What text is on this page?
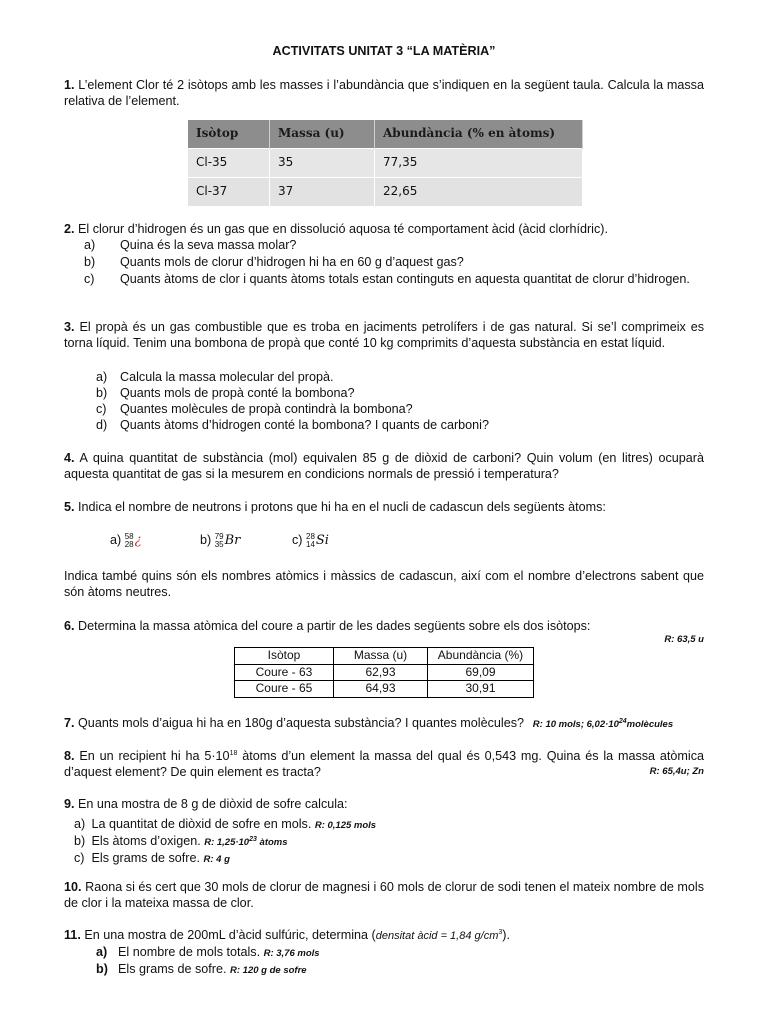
ACTIVITATS UNITAT 3 “LA MATÈRIA”
1. L’element Clor té 2 isòtops amb les masses i l’abundància que s’indiquen en la següent taula. Calcula la massa relativa de l’element.
Isòtop	Massa (u)	Abundància (% en àtoms)
Cl-35	35	77,35
Cl-37	37	22,65
2. El clorur d’hidrogen és un gas que en dissolució aquosa té comportament àcid (àcid clorhídric).
a) Quina és la seva massa molar?
b) Quants mols de clorur d’hidrogen hi ha en 60 g d’aquest gas?
c) Quants àtoms de clor i quants àtoms totals estan continguts en aquesta quantitat de clorur d’hidrogen.
3. El propà és un gas combustible que es troba en jaciments petrolífers i de gas natural. Si se’l comprimeix es torna líquid. Tenim una bombona de propà que conté 10 kg comprimits d’aquesta substància en estat líquid.
a) Calcula la massa molecular del propà.
b) Quants mols de propà conté la bombona?
c) Quantes molècules de propà contindrà la bombona?
d) Quants àtoms d’hidrogen conté la bombona? I quants de carboni?
4. A quina quantitat de substància (mol) equivalen 85 g de diòxid de carboni? Quin volum (en litres) ocuparà aquesta quantitat de gas si la mesurem en condicions normals de pressió i temperatura?
5. Indica el nombre de neutrons i protons que hi ha en el nucli de cadascun dels següents àtoms:
a) 58
28¿	b) 79
35Br	c) 28
14Si
Indica també quins són els nombres atòmics i màssics de cadascun, així com el nombre d’electrons sabent que són àtoms neutres.
6. Determina la massa atòmica del coure a partir de les dades següents sobre els dos isòtops:
R: 63,5 u
Isòtop	Massa (u)	Abundància (%)
Coure - 63	62,93	69,09
Coure - 65	64,93	30,91
7. Quants mols d’aigua hi ha en 180g d’aquesta substància? I quantes molècules? R: 10 mols; $6,02\cdot 10^{24}molècules$
8. En un recipient hi ha $5\cdot 10^{18}$ àtoms d’un element la massa del qual és 0,543 mg. Quina és la massa atòmica d’aquest element? De quin element es tracta?	R: 65,4u; Zn
9. En una mostra de 8 g de diòxid de sofre calcula:
a) La quantitat de diòxid de sofre en mols. R: 0,125 mols
b) Els àtoms d’oxigen. R: $1,25\cdot 10^{23}$ àtoms
c) Els grams de sofre. R: 4 g
10. Raona si és cert que 30 mols de clorur de magnesi i 60 mols de clorur de sodi tenen el mateix nombre de mols de clor i la mateixa massa de clor.
11. En una mostra de 200mL d’àcid sulfúric, determina (densitat àcid = 1,84 $g/cm^3$).
a) El nombre de mols totals. R: 3,76 mols
b) Els grams de sofre. R: 120 g de sofre
